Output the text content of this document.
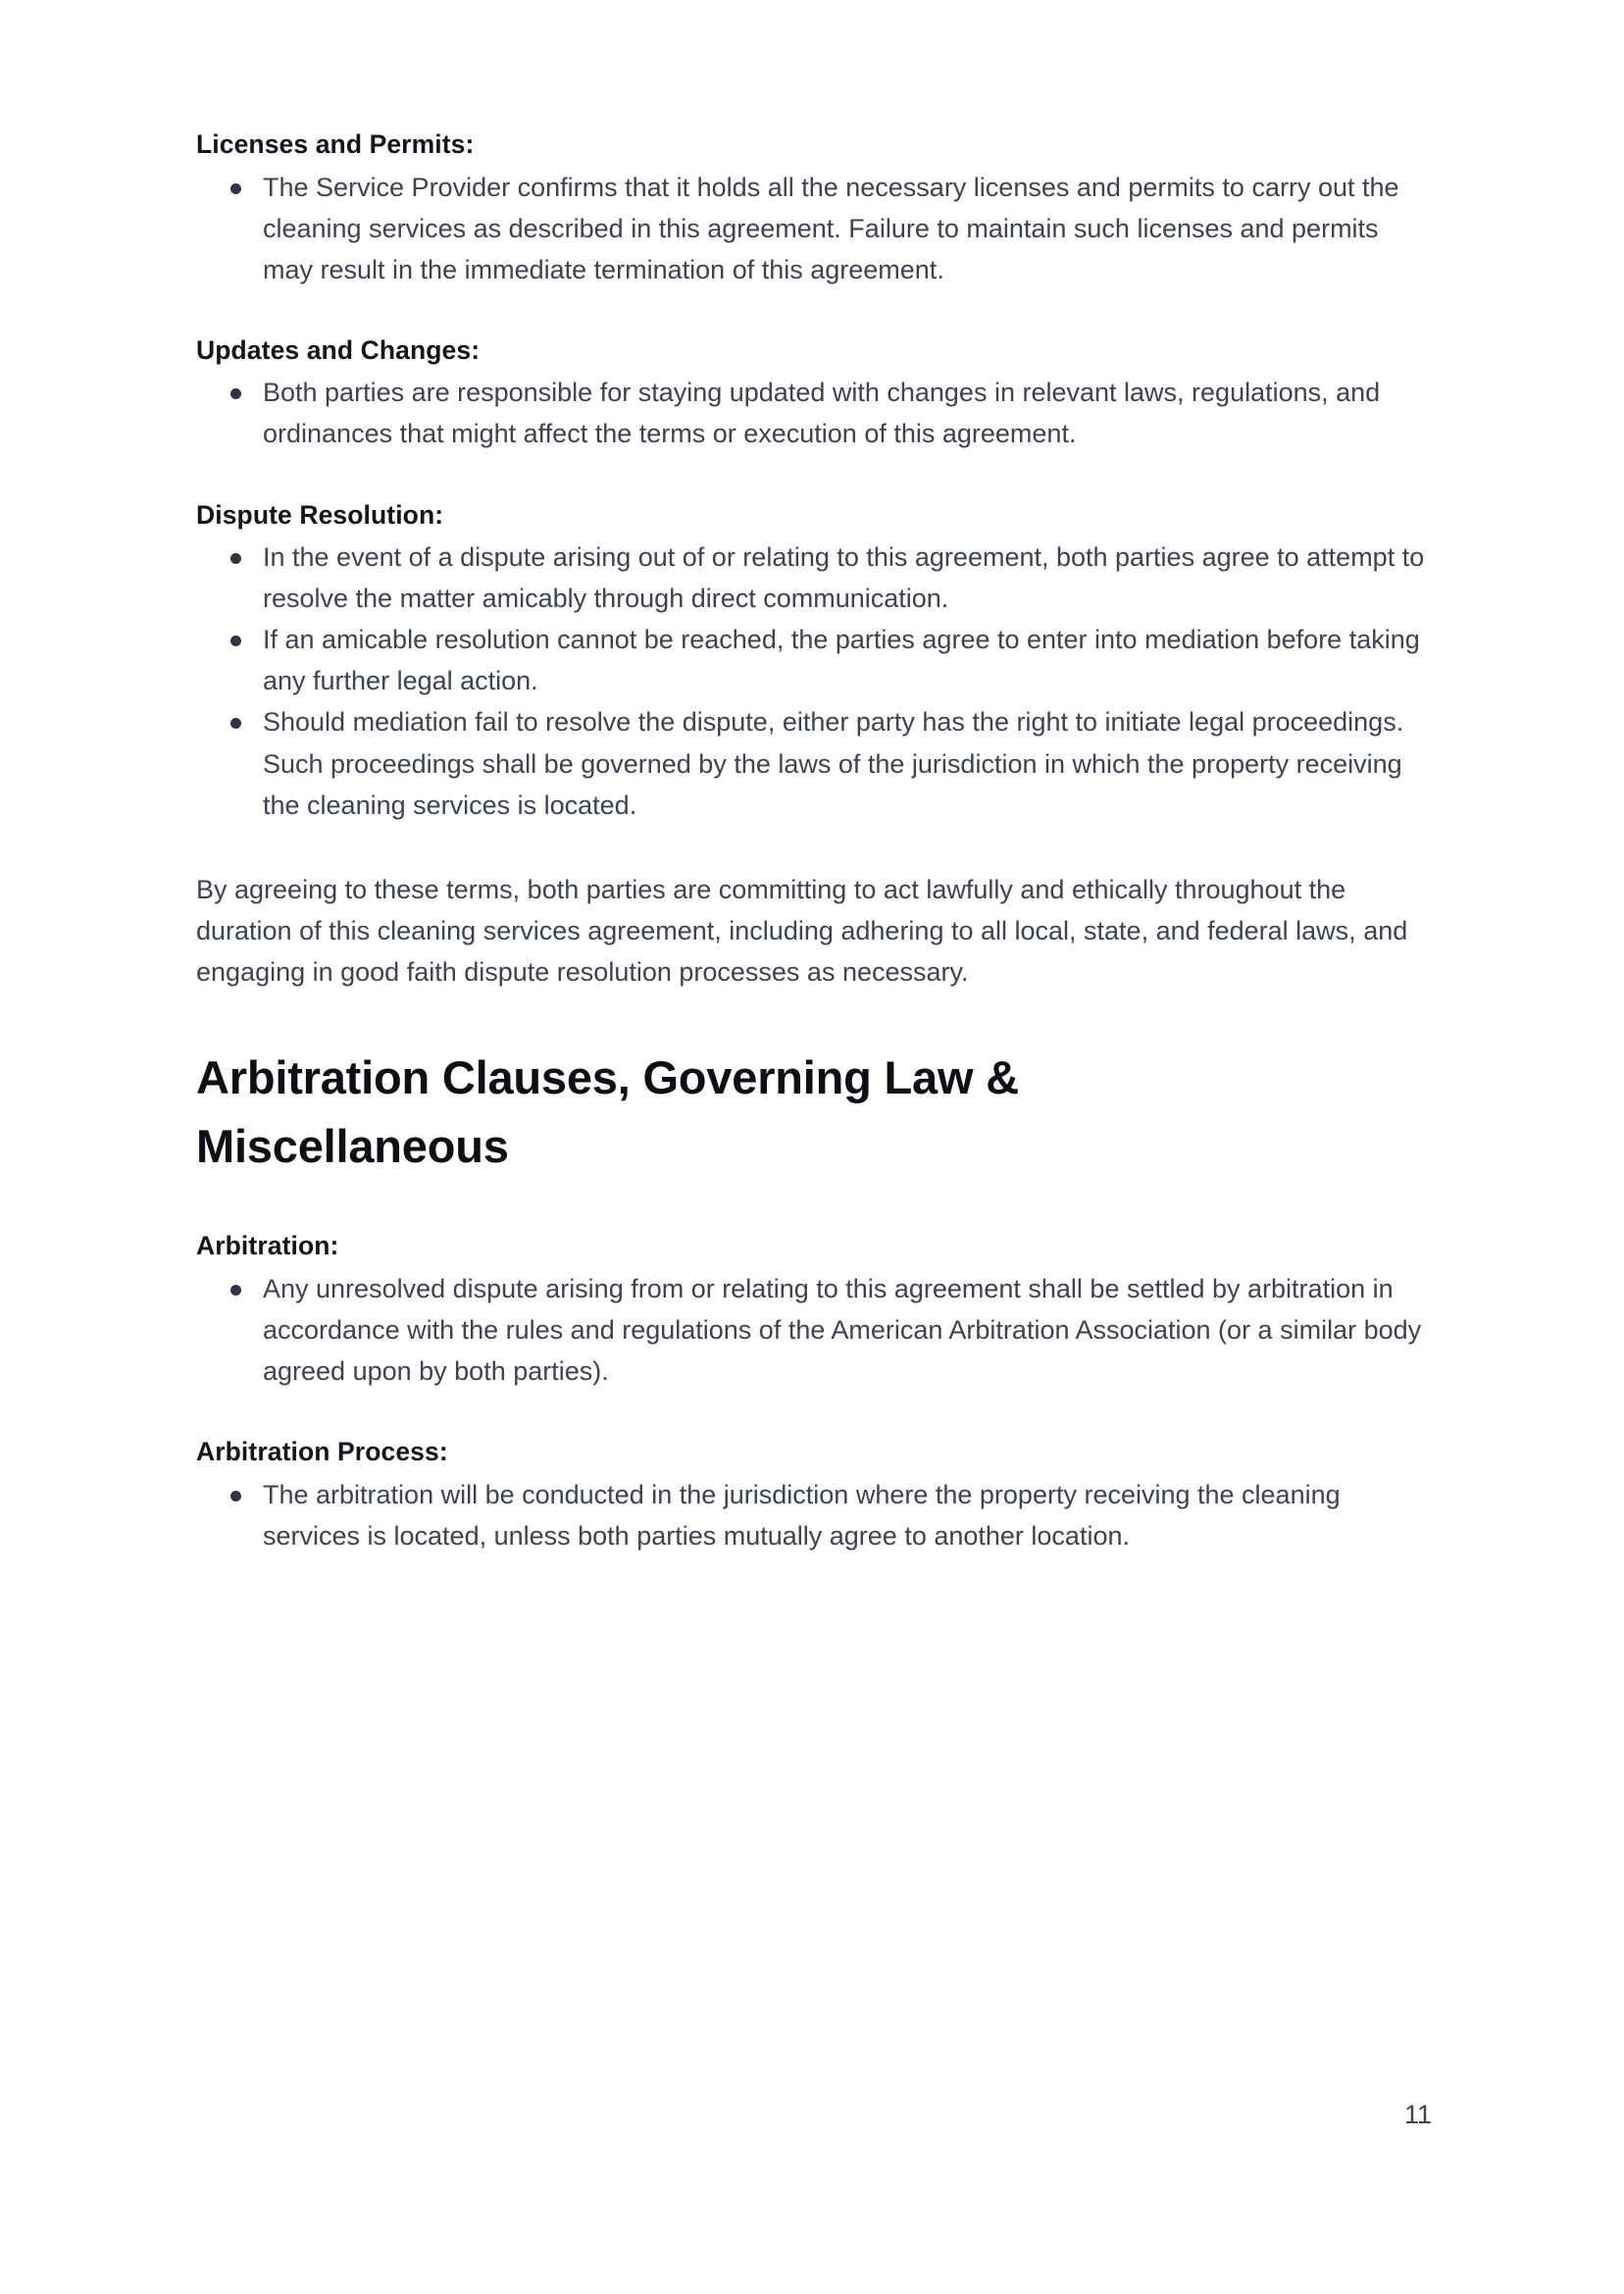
Licenses and Permits:

The Service Provider confirms that it holds all the necessary licenses and permits to carry out the cleaning services as described in this agreement. Failure to maintain such licenses and permits may result in the immediate termination of this agreement.

Updates and Changes:

Both parties are responsible for staying updated with changes in relevant laws, regulations, and ordinances that might affect the terms or execution of this agreement.

Dispute Resolution:

In the event of a dispute arising out of or relating to this agreement, both parties agree to attempt to resolve the matter amicably through direct communication.
If an amicable resolution cannot be reached, the parties agree to enter into mediation before taking any further legal action.
Should mediation fail to resolve the dispute, either party has the right to initiate legal proceedings. Such proceedings shall be governed by the laws of the jurisdiction in which the property receiving the cleaning services is located.

By agreeing to these terms, both parties are committing to act lawfully and ethically throughout the duration of this cleaning services agreement, including adhering to all local, state, and federal laws, and engaging in good faith dispute resolution processes as necessary.

Arbitration Clauses, Governing Law & Miscellaneous

Arbitration:

Any unresolved dispute arising from or relating to this agreement shall be settled by arbitration in accordance with the rules and regulations of the American Arbitration Association (or a similar body agreed upon by both parties).

Arbitration Process:

The arbitration will be conducted in the jurisdiction where the property receiving the cleaning services is located, unless both parties mutually agree to another location.
11
